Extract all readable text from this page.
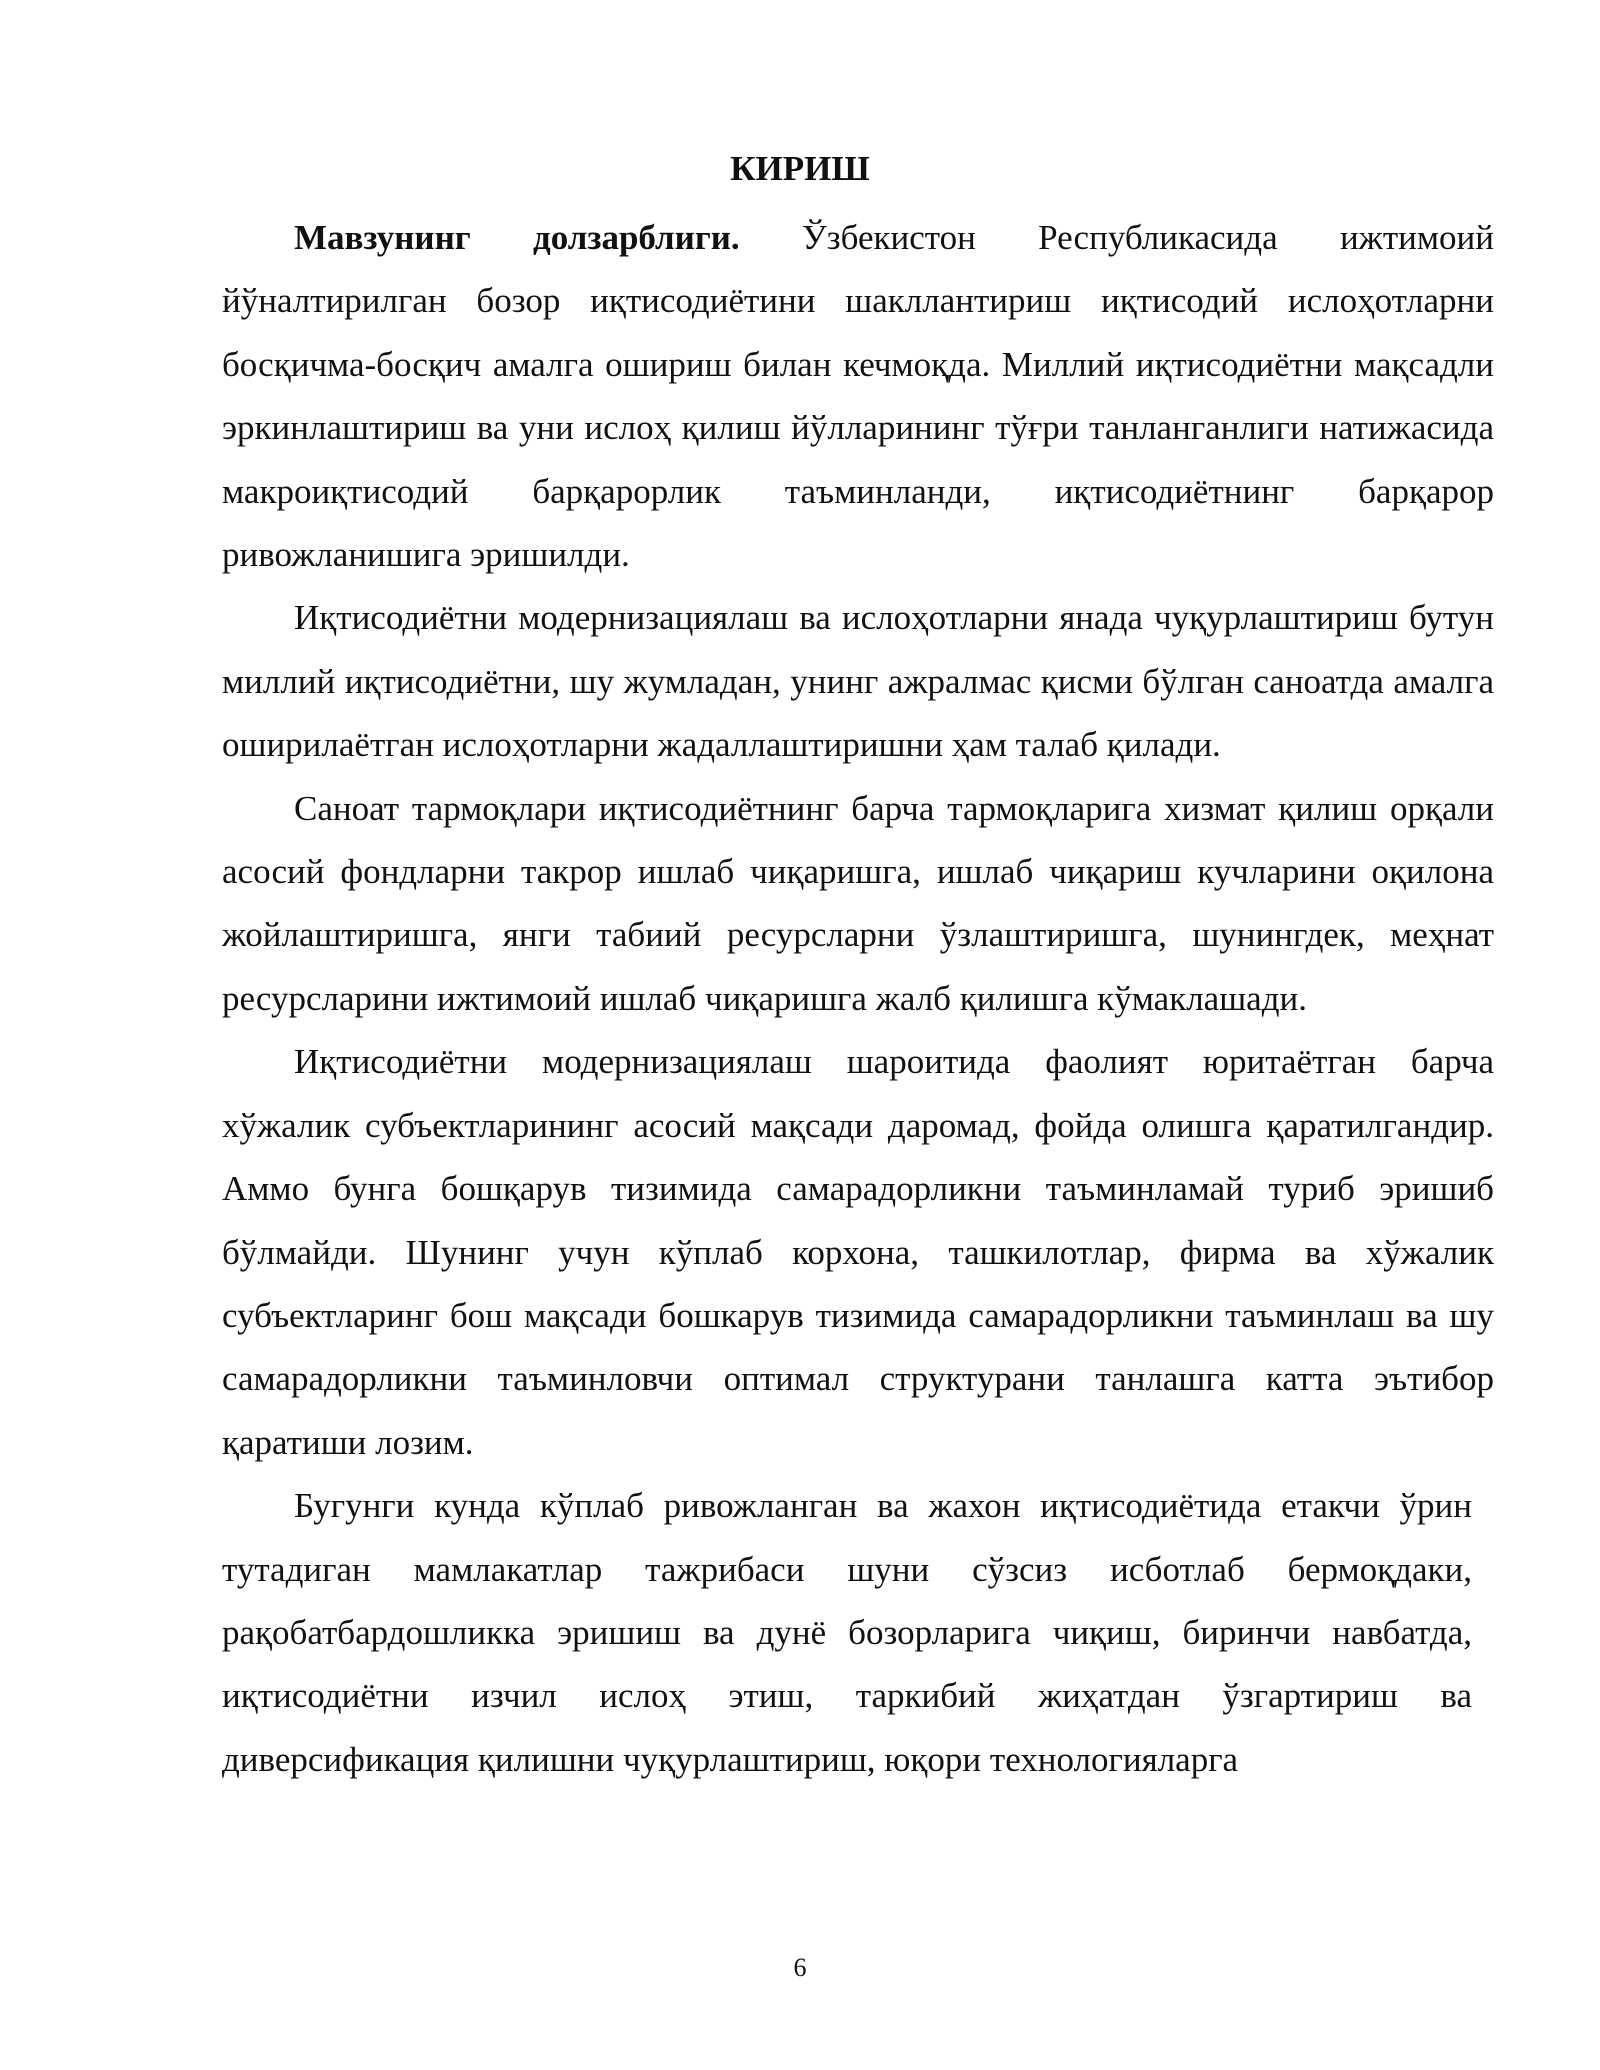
КИРИШ

Мавзунинг долзарблиги. Ўзбекистон Республикасида ижтимоий йўналтирилган бозор иқтисодиётини шакллантириш иқтисодий ислоҳотларни босқичма-босқич амалга ошириш билан кечмоқда. Миллий иқтисодиётни мақсадли эркинлаштириш ва уни ислоҳ қилиш йўлларининг тўғри танланганлиги натижасида макроиқтисодий барқарорлик таъминланди, иқтисодиётнинг барқарор ривожланишига эришилди.

Иқтисодиётни модернизациялаш ва ислоҳотларни янада чуқурлаштириш бутун миллий иқтисодиётни, шу жумладан, унинг ажралмас қисми бўлган саноатда амалга оширилаётган ислоҳотларни жадаллаштиришни ҳам талаб қилади.

Саноат тармоқлари иқтисодиётнинг барча тармоқларига хизмат қилиш орқали асосий фондларни такрор ишлаб чиқаришга, ишлаб чиқариш кучларини оқилона жойлаштиришга, янги табиий ресурсларни ўзлаштиришга, шунингдек, меҳнат ресурсларини ижтимоий ишлаб чиқаришга жалб қилишга кўмаклашади.

Иқтисодиётни модернизациялаш шароитида фаолият юритаётган барча хўжалик субъектларининг асосий мақсади даромад, фойда олишга қаратилгандир. Аммо бунга бошқарув тизимида самарадорликни таъминламай туриб эришиб бўлмайди. Шунинг учун кўплаб корхона, ташкилотлар, фирма ва хўжалик субъектларинг бош мақсади бошкарув тизимида самарадорликни таъминлаш ва шу самарадорликни таъминловчи оптимал структурани танлашга катта эътибор қаратиши лозим.

Бугунги кунда кўплаб ривожланган ва жахон иқтисодиётида етакчи ўрин тутадиган мамлакатлар тажрибаси шуни сўзсиз исботлаб бермоқдаки, рақобатбардошликка эришиш ва дунё бозорларига чиқиш, биринчи навбатда, иқтисодиётни изчил ислоҳ этиш, таркибий жиҳатдан ўзгартириш ва диверсификация қилишни чуқурлаштириш, юқори технологияларга

6
